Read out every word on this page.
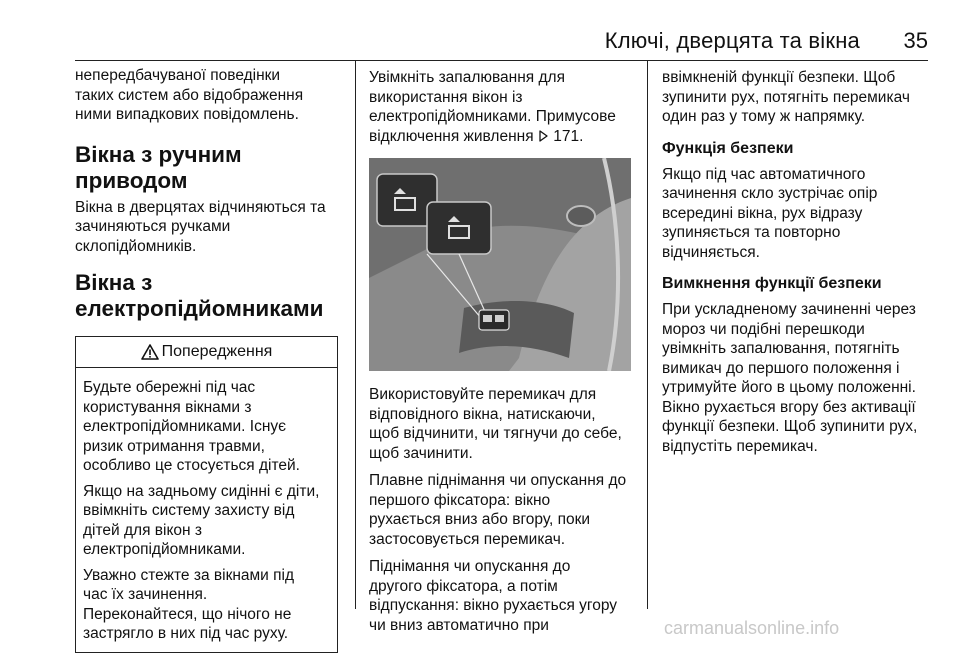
Ключі, дверцята та вікна	35

непередбачуваної поведінки
таких систем або відображення
ними випадкових повідомлень.

Вікна з ручним приводом

Вікна в дверцятах відчиняються та
зачиняються ручками
склопідйомників.

Вікна з
електропідйомниками
Попередження

Будьте обережні під час
користування вікнами з
електропідйомниками. Існує
ризик отримання травми,
особливо це стосується дітей.

Якщо на задньому сидінні є діти,
ввімкніть систему захисту від
дітей для вікон з
електропідйомниками.

Уважно стежте за вікнами під
час їх зачинення.
Переконайтеся, що нічого не
застрягло в них під час руху.

Увімкніть запалювання для
використання вікон із
електропідйомниками. Примусове
відключення живлення  171.

Використовуйте перемикач для
відповідного вікна, натискаючи,
щоб відчинити, чи тягнучи до себе,
щоб зачинити.

Плавне піднімання чи опускання до
першого фіксатора: вікно
рухається вниз або вгору, поки
застосовується перемикач.

Піднімання чи опускання до
другого фіксатора, а потім
відпускання: вікно рухається угору
чи вниз автоматично при

ввімкненій функції безпеки. Щоб
зупинити рух, потягніть перемикач
один раз у тому ж напрямку.

Функція безпеки

Якщо під час автоматичного
зачинення скло зустрічає опір
всередині вікна, рух відразу
зупиняється та повторно
відчиняється.

Вимкнення функції безпеки

При ускладненому зачиненні через
мороз чи подібні перешкоди
увімкніть запалювання, потягніть
вимикач до першого положення і
утримуйте його в цьому положенні.
Вікно рухається вгору без активації
функції безпеки. Щоб зупинити рух,
відпустіть перемикач.

carmanualsonline.info
